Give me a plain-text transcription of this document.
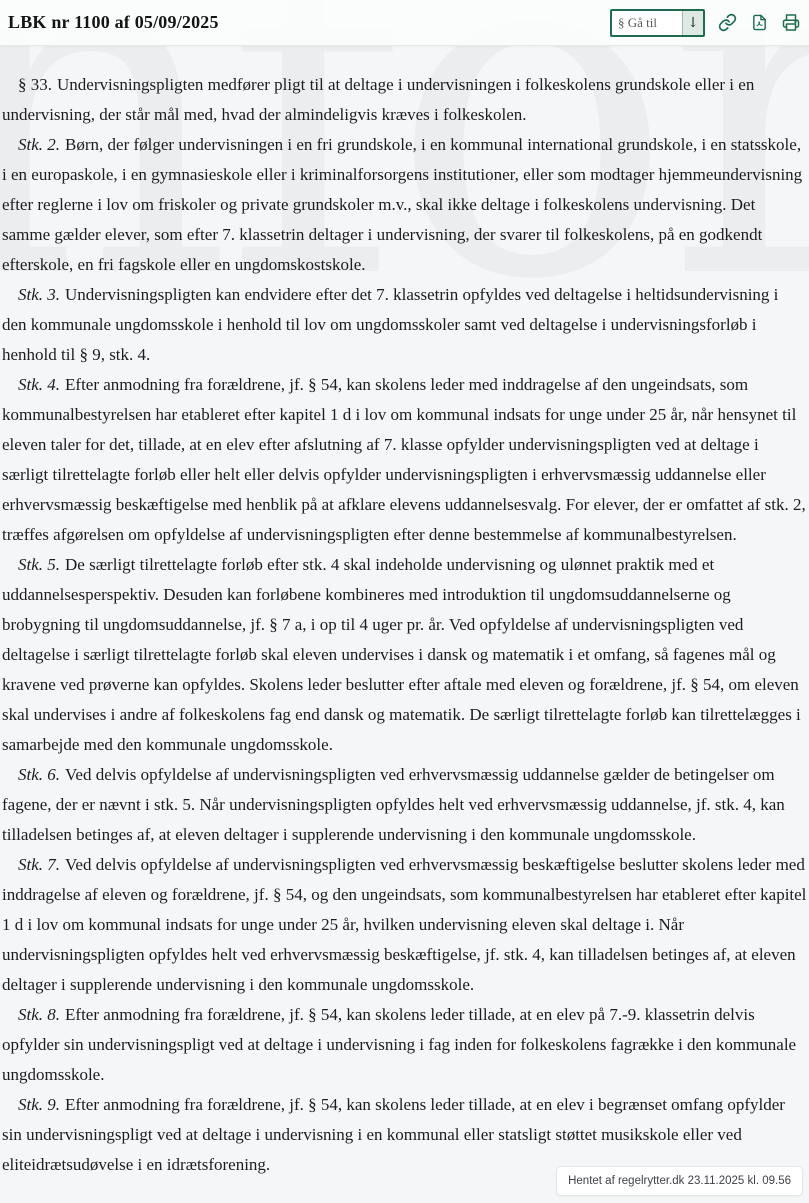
LBK nr 1100 af 05/09/2025
§ Gå til	↓

§ 33. Undervisningspligten medfører pligt til at deltage i undervisningen i folkeskolens grundskole eller i en undervisning, der står mål med, hvad der almindeligvis kræves i folkeskolen.

Stk. 2. Børn, der følger undervisningen i en fri grundskole, i en kommunal international grundskole, i en statsskole, i en europaskole, i en gymnasieskole eller i kriminalforsorgens institutioner, eller som modtager hjemmeundervisning efter reglerne i lov om friskoler og private grundskoler m.v., skal ikke deltage i folkeskolens undervisning. Det samme gælder elever, som efter 7. klassetrin deltager i undervisning, der svarer til folkeskolens, på en godkendt efterskole, en fri fagskole eller en ungdomskostskole.

Stk. 3. Undervisningspligten kan endvidere efter det 7. klassetrin opfyldes ved deltagelse i heltidsundervisning i den kommunale ungdomsskole i henhold til lov om ungdomsskoler samt ved deltagelse i undervisningsforløb i henhold til § 9, stk. 4.

Stk. 4. Efter anmodning fra forældrene, jf. § 54, kan skolens leder med inddragelse af den ungeindsats, som kommunalbestyrelsen har etableret efter kapitel 1 d i lov om kommunal indsats for unge under 25 år, når hensynet til eleven taler for det, tillade, at en elev efter afslutning af 7. klasse opfylder undervisningspligten ved at deltage i særligt tilrettelagte forløb eller helt eller delvis opfylder undervisningspligten i erhvervsmæssig uddannelse eller erhvervsmæssig beskæftigelse med henblik på at afklare elevens uddannelsesvalg. For elever, der er omfattet af stk. 2, træffes afgørelsen om opfyldelse af undervisningspligten efter denne bestemmelse af kommunalbestyrelsen.

Stk. 5. De særligt tilrettelagte forløb efter stk. 4 skal indeholde undervisning og ulønnet praktik med et uddannelsesperspektiv. Desuden kan forløbene kombineres med introduktion til ungdomsuddannelserne og brobygning til ungdomsuddannelse, jf. § 7 a, i op til 4 uger pr. år. Ved opfyldelse af undervisningspligten ved deltagelse i særligt tilrettelagte forløb skal eleven undervises i dansk og matematik i et omfang, så fagenes mål og kravene ved prøverne kan opfyldes. Skolens leder beslutter efter aftale med eleven og forældrene, jf. § 54, om eleven skal undervises i andre af folkeskolens fag end dansk og matematik. De særligt tilrettelagte forløb kan tilrettelægges i samarbejde med den kommunale ungdomsskole.

Stk. 6. Ved delvis opfyldelse af undervisningspligten ved erhvervsmæssig uddannelse gælder de betingelser om fagene, der er nævnt i stk. 5. Når undervisningspligten opfyldes helt ved erhvervsmæssig uddannelse, jf. stk. 4, kan tilladelsen betinges af, at eleven deltager i supplerende undervisning i den kommunale ungdomsskole.

Stk. 7. Ved delvis opfyldelse af undervisningspligten ved erhvervsmæssig beskæftigelse beslutter skolens leder med inddragelse af eleven og forældrene, jf. § 54, og den ungeindsats, som kommunalbestyrelsen har etableret efter kapitel 1 d i lov om kommunal indsats for unge under 25 år, hvilken undervisning eleven skal deltage i. Når undervisningspligten opfyldes helt ved erhvervsmæssig beskæftigelse, jf. stk. 4, kan tilladelsen betinges af, at eleven deltager i supplerende undervisning i den kommunale ungdomsskole.

Stk. 8. Efter anmodning fra forældrene, jf. § 54, kan skolens leder tillade, at en elev på 7.-9. klassetrin delvis opfylder sin undervisningspligt ved at deltage i undervisning i fag inden for folkeskolens fagrække i den kommunale ungdomsskole.

Stk. 9. Efter anmodning fra forældrene, jf. § 54, kan skolens leder tillade, at en elev i begrænset omfang opfylder sin undervisningspligt ved at deltage i undervisning i en kommunal eller statsligt støttet musikskole eller ved eliteidrætsudøvelse i en idrætsforening.

Hentet af regelrytter.dk 23.11.2025 kl. 09.56
